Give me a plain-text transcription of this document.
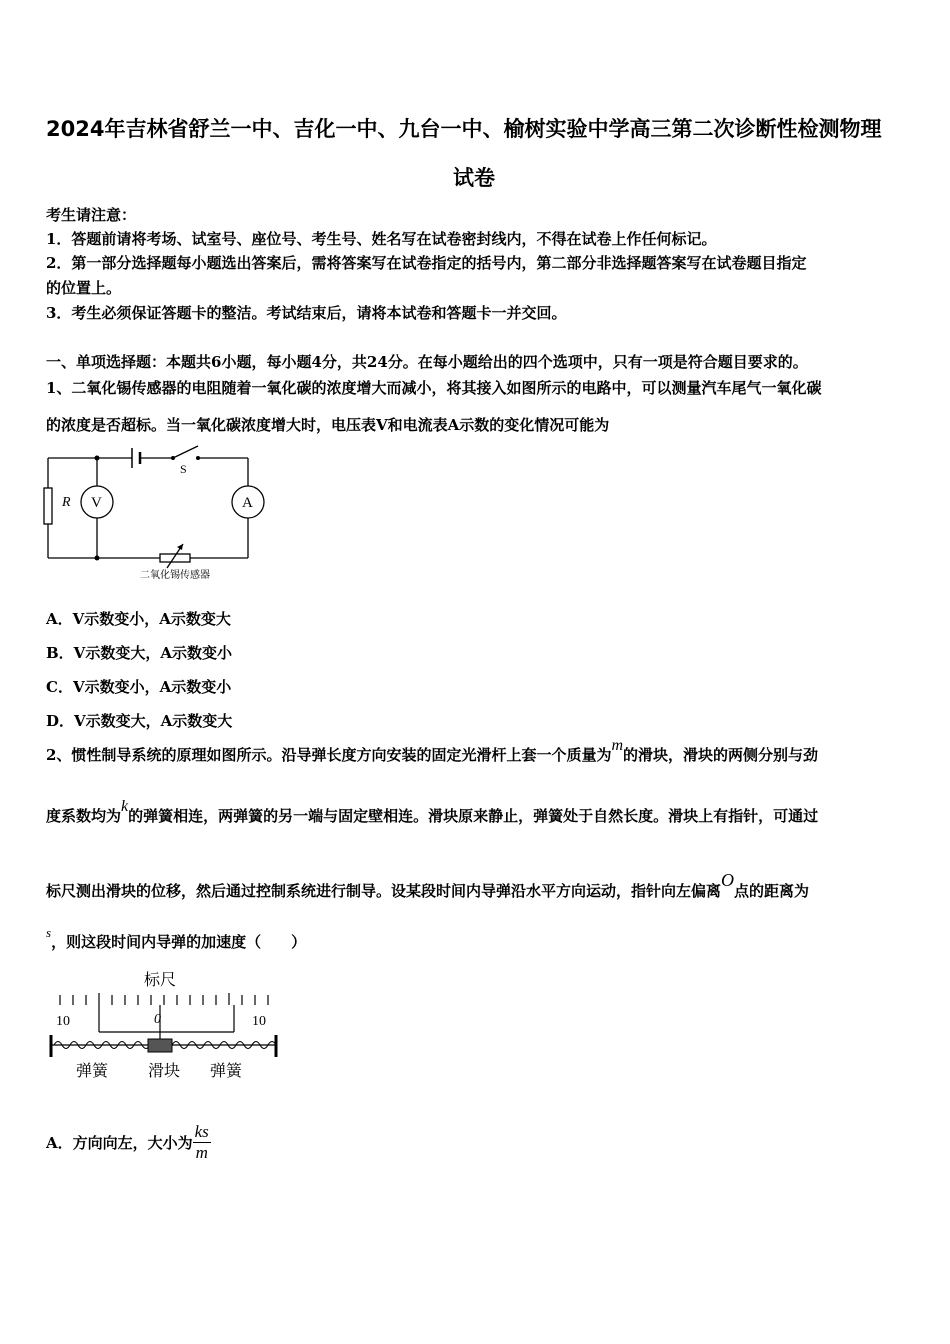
2024年吉林省舒兰一中、吉化一中、九台一中、榆树实验中学高三第二次诊断性检测物理
试卷
考生请注意：
1．答题前请将考场、试室号、座位号、考生号、姓名写在试卷密封线内，不得在试卷上作任何标记。
2．第一部分选择题每小题选出答案后，需将答案写在试卷指定的括号内，第二部分非选择题答案写在试卷题目指定
的位置上。
3．考生必须保证答题卡的整洁。考试结束后，请将本试卷和答题卡一并交回。
一、单项选择题：本题共6小题，每小题4分，共24分。在每小题给出的四个选项中，只有一项是符合题目要求的。
1、二氧化锡传感器的电阻随着一氧化碳的浓度增大而减小，将其接入如图所示的电路中，可以测量汽车尾气一氧化碳
的浓度是否超标。当一氧化碳浓度增大时，电压表V和电流表A示数的变化情况可能为
R V	A
S
二氧化锡传感器
A．V示数变小，A示数变大
B．V示数变大，A示数变小
C．V示数变小，A示数变小
D．V示数变大，A示数变大
2、惯性制导系统的原理如图所示。沿导弹长度方向安装的固定光滑杆上套一个质量为m的滑块，滑块的两侧分别与劲
度系数均为k的弹簧相连，两弹簧的另一端与固定壁相连。滑块原来静止，弹簧处于自然长度。滑块上有指针，可通过
标尺测出滑块的位移，然后通过控制系统进行制导。设某段时间内导弹沿水平方向运动，指针向左偏离O点的距离为
s，则这段时间内导弹的加速度（　　）
标尺
10	0	10
弹簧 滑块 弹簧
A．方向向左，大小为 $\frac{ks}{m}$
